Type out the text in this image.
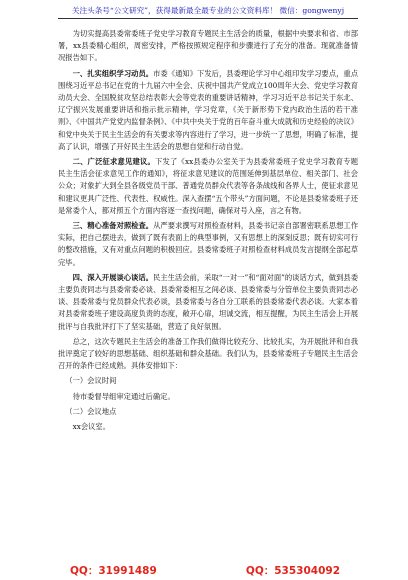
关注头条号“公文研究”，获得最新最全最专业的公文资料库！ 微信：gongwenyj

为切实提高县委常委班子党史学习教育专题民主生活会的质量，根据中央要求和省、市部署，xx县委精心组织，周密安排，严格按照规定程序和步骤进行了充分的准备。现就准备情况报告如下。

一、扎实组织学习动员。市委《通知》下发后，县委理论学习中心组印发学习要点，重点围绕习近平总书记在党的十九届六中全会、庆祝中国共产党成立100周年大会、党史学习教育动员大会、全国脱贫攻坚总结表彰大会等党表的重要讲话精神，学习习近平总书记关于东北、辽宁振兴发展重要讲话和指示批示精神，学习党章，《关于新形势下党内政治生活的若干准则》、《中国共产党党内监督条例》、《中共中央关于党的百年奋斗重大成就和历史经验的决议》和党中央关于民主生活会的有关要求等内容进行了学习，进一步统一了思想，明确了标准，提高了认识，增强了开好民主生活会的思想自觉和行动自觉。

二、广泛征求意见建议。下发了《xx县委办公室关于为县委常委班子党史学习教育专题民主生活会征求意见工作的通知》，将征求意见建议的范围延伸到基层单位、相关部门、社会公众；对象扩大到全县各级党员干部、普通党员群众代表等各条战线和各界人士，使征求意见和建议更具广泛性、代表性、权威性。深入查摆“五个带头”方面问题，不论是县委常委班子还是常委个人，都对照五个方面内容逐一查找问题，确保对号入座，言之有物。

三、精心准备对照检查。从严要求撰写对照检查材料，县委书记亲自部署密联系思想工作实际，把自己摆进去，做到了既有表面上的典型事例，又有思想上的深刻反思；既有切实可行的整改措施，又有对重点问题的积极回应。县委常委班子对照检查材料成员发言提纲全部起草完毕。

四、深入开展谈心谈话。民主生活会前，采取“一对一”和“面对面”的谈话方式，做到县委主要负责同志与县委常委必谈、县委常委相互之间必谈、县委常委与分管单位主要负责同志必谈、县委常委与党员群众代表必谈，县委常委与各自分工联系的县委常委代表必谈。大家本着对县委常委班子建设高度负责的态度，敞开心扉，坦诚交流，相互提醒，为民主生活会上开展批评与自我批评打下了坚实基础，营造了良好氛围。

总之，这次专题民主生活会的准备工作我们做得比较充分、比较扎实，为开展批评和自我批评奠定了较好的思想基础、组织基础和群众基础。我们认为，县委常委班子专题民主生活会召开的条件已经成熟。具体安排如下：

（一）会议时间

待市委督导组审定通过后确定。

（二）会议地点

xx会议室。

QQ：31991489	QQ：535304092
